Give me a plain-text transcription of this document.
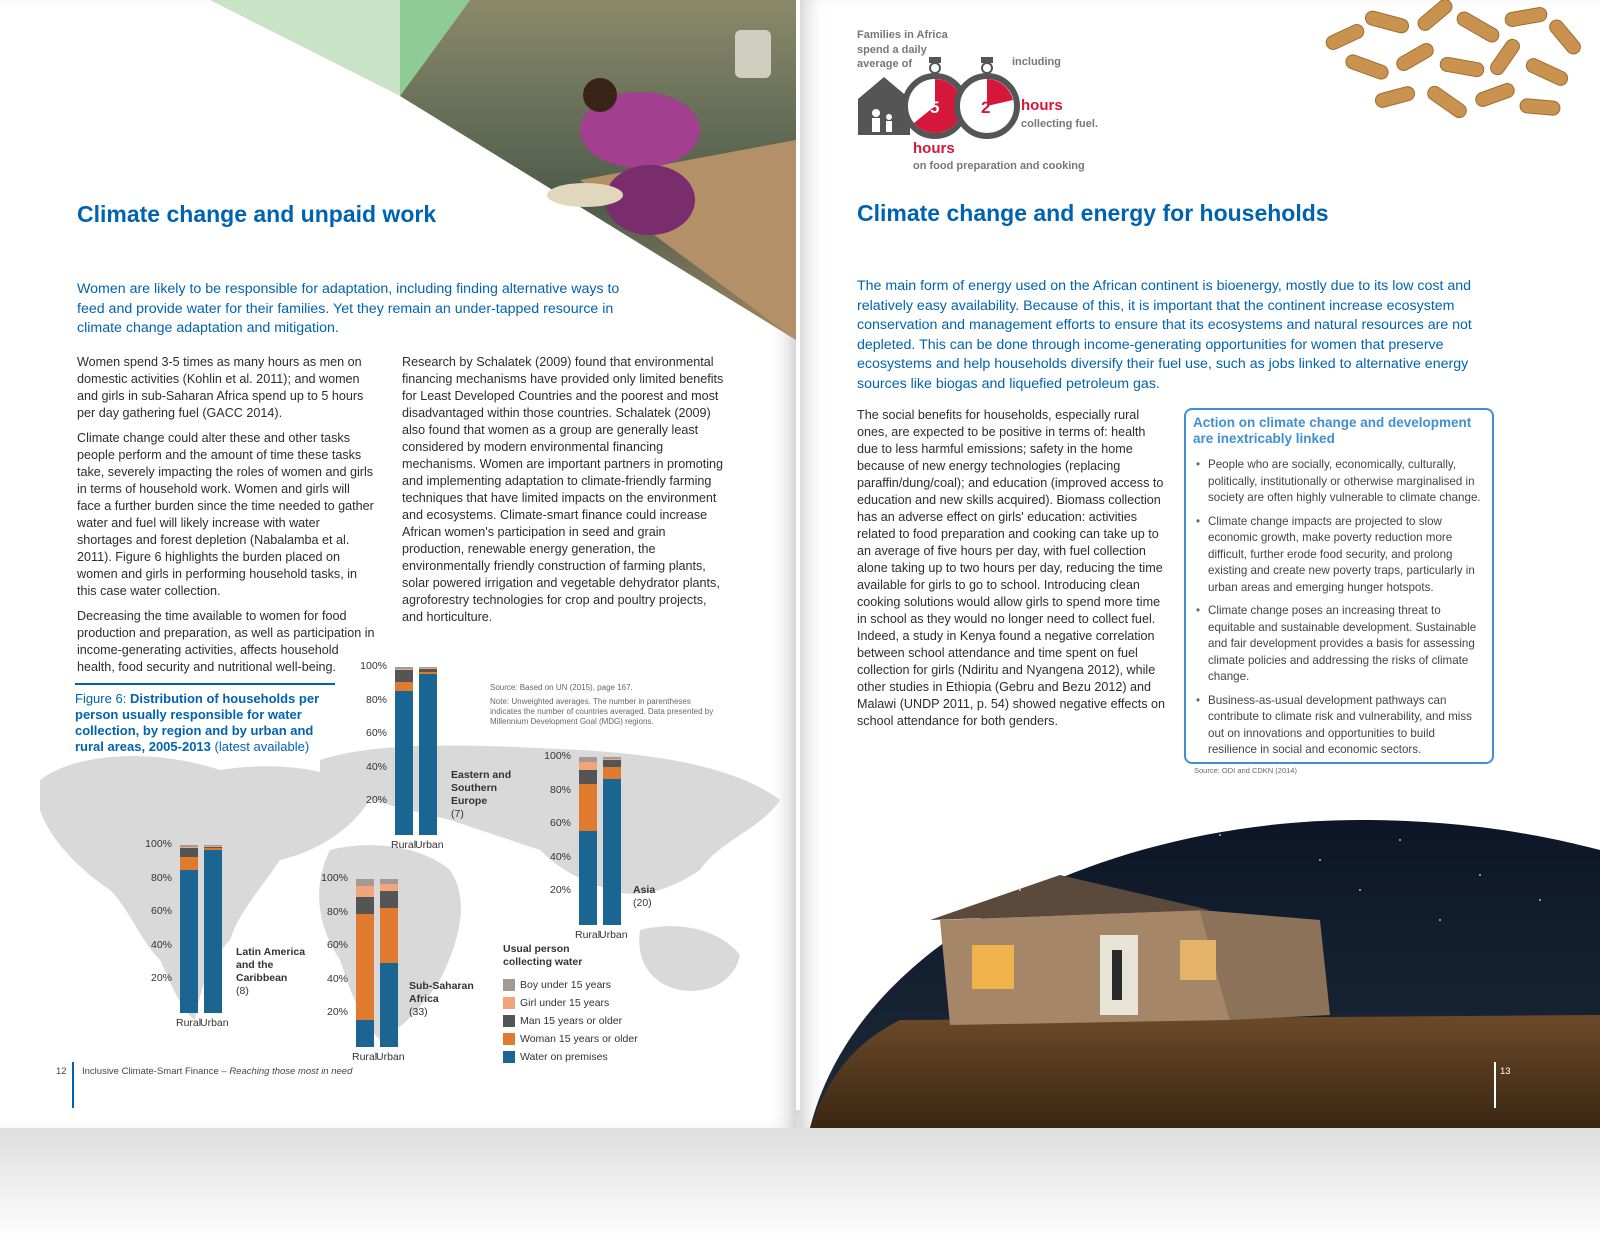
Climate change and unpaid work
Women are likely to be responsible for adaptation, including finding alternative ways to feed and provide water for their families. Yet they remain an under-tapped resource in climate change adaptation and mitigation.

Women spend 3-5 times as many hours as men on domestic activities (Kohlin et al. 2011); and women and girls in sub-Saharan Africa spend up to 5 hours per day gathering fuel (GACC 2014).

Climate change could alter these and other tasks people perform and the amount of time these tasks take, severely impacting the roles of women and girls in terms of household work. Women and girls will face a further burden since the time needed to gather water and fuel will likely increase with water shortages and forest depletion (Nabalamba et al. 2011). Figure 6 highlights the burden placed on women and girls in performing household tasks, in this case water collection.

Decreasing the time available to women for food production and preparation, as well as participation in income-generating activities, affects household health, food security and nutritional well-being.

Research by Schalatek (2009) found that environmental financing mechanisms have provided only limited benefits for Least Developed Countries and the poorest and most disadvantaged within those countries. Schalatek (2009) also found that women as a group are generally least considered by modern environmental financing mechanisms. Women are important partners in promoting and implementing adaptation to climate-friendly farming techniques that have limited impacts on the environment and ecosystems. Climate-smart finance could increase African women's participation in seed and grain production, renewable energy generation, the environmentally friendly construction of farming plants, solar powered irrigation and vegetable dehydrator plants, agroforestry technologies for crop and poultry projects, and horticulture.

Figure 6: Distribution of households per person usually responsible for water collection, by region and by urban and rural areas, 2005-2013 (latest available)
Source: Based on UN (2015), page 167.
Note: Unweighted averages. The number in parentheses indicates the number of countries averaged. Data presented by Millennium Development Goal (MDG) regions.
20%
40%
60%
80%
100%
Rural
Urban
Latin America and the Caribbean
(8)
20%
40%
60%
80%
100%
Rural
Urban
Eastern and Southern Europe
(7)
20%
40%
60%
80%
100%
Rural
Urban
Sub-Saharan Africa
(33)
20%
40%
60%
80%
100%
Rural
Urban
Asia
(20)
Usual person collecting water
Boy under 15 years
Girl under 15 years
Man 15 years or older
Woman 15 years or older
Water on premises
12 Inclusive Climate-Smart Finance – Reaching those most in need
Families in Africa
spend a daily
average of	including
5 2 hours
collecting fuel.
hours
on food preparation and cooking
Climate change and energy for households
The main form of energy used on the African continent is bioenergy, mostly due to its low cost and relatively easy availability. Because of this, it is important that the continent increase ecosystem conservation and management efforts to ensure that its ecosystems and natural resources are not depleted. This can be done through income-generating opportunities for women that preserve ecosystems and help households diversify their fuel use, such as jobs linked to alternative energy sources like biogas and liquefied petroleum gas.

The social benefits for households, especially rural ones, are expected to be positive in terms of: health due to less harmful emissions; safety in the home because of new energy technologies (replacing paraffin/dung/coal); and education (improved access to education and new skills acquired). Biomass collection has an adverse effect on girls' education: activities related to food preparation and cooking can take up to an average of five hours per day, with fuel collection alone taking up to two hours per day, reducing the time available for girls to go to school. Introducing clean cooking solutions would allow girls to spend more time in school as they would no longer need to collect fuel. Indeed, a study in Kenya found a negative correlation between school attendance and time spent on fuel collection for girls (Ndiritu and Nyangena 2012), while other studies in Ethiopia (Gebru and Bezu 2012) and Malawi (UNDP 2011, p. 54) showed negative effects on school attendance for both genders.

Action on climate change and development are inextricably linked
• People who are socially, economically, culturally, politically, institutionally or otherwise marginalised in society are often highly vulnerable to climate change.
• Climate change impacts are projected to slow economic growth, make poverty reduction more difficult, further erode food security, and prolong existing and create new poverty traps, particularly in urban areas and emerging hunger hotspots.
• Climate change poses an increasing threat to equitable and sustainable development. Sustainable and fair development provides a basis for assessing climate policies and addressing the risks of climate change.
• Business-as-usual development pathways can contribute to climate risk and vulnerability, and miss out on innovations and opportunities to build resilience in social and economic sectors.
Source: ODI and CDKN (2014)
13
